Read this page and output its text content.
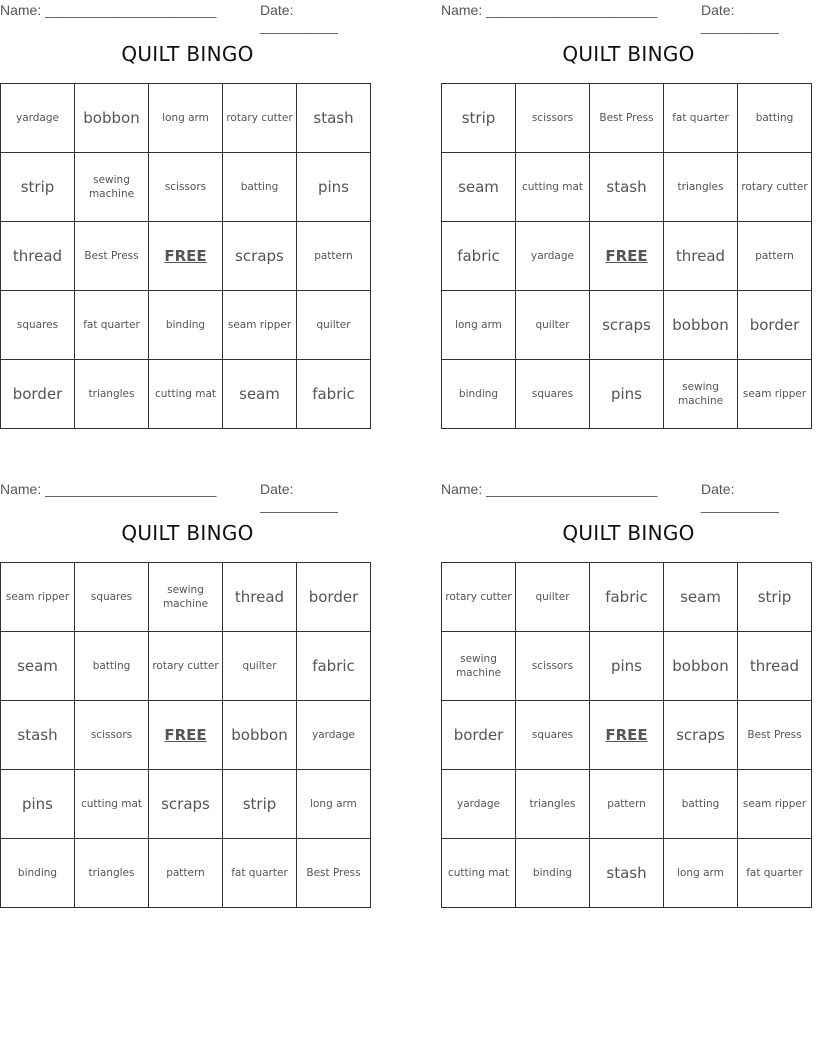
Name: ______________________	Date: __________
QUILT BINGO
yardage	bobbon	long arm	rotary cutter	stash
strip	sewing machine	scissors	batting	pins
thread	Best Press	FREE	scraps	pattern
squares	fat quarter	binding	seam ripper	quilter
border	triangles	cutting mat	seam	fabric
Name: ______________________	Date: __________
QUILT BINGO
strip	scissors	Best Press	fat quarter	batting
seam	cutting mat	stash	triangles	rotary cutter
fabric	yardage	FREE	thread	pattern
long arm	quilter	scraps	bobbon	border
binding	squares	pins	sewing machine	seam ripper
Name: ______________________	Date: __________
QUILT BINGO
seam ripper	squares	sewing machine	thread	border
seam	batting	rotary cutter	quilter	fabric
stash	scissors	FREE	bobbon	yardage
pins	cutting mat	scraps	strip	long arm
binding	triangles	pattern	fat quarter	Best Press
Name: ______________________	Date: __________
QUILT BINGO
rotary cutter	quilter	fabric	seam	strip
sewing machine	scissors	pins	bobbon	thread
border	squares	FREE	scraps	Best Press
yardage	triangles	pattern	batting	seam ripper
cutting mat	binding	stash	long arm	fat quarter
